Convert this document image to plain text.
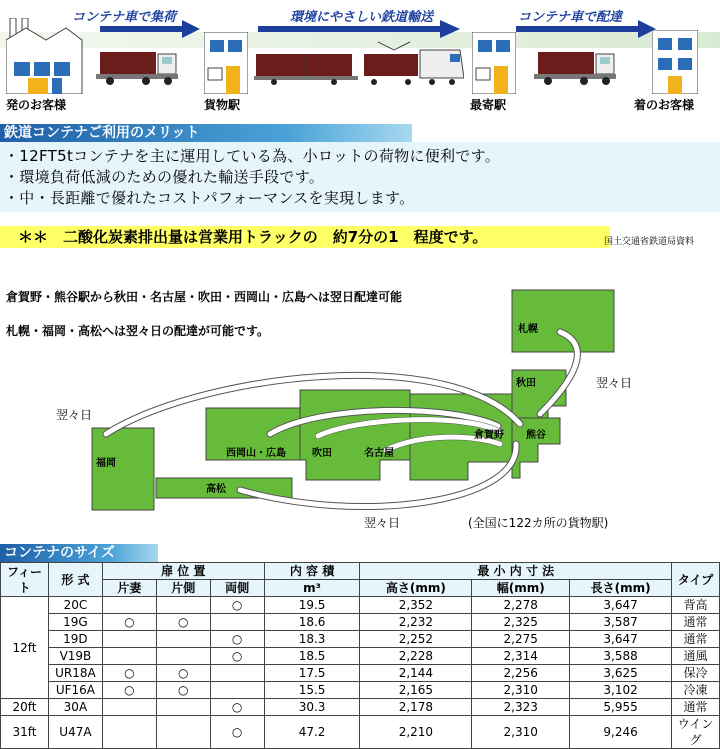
コンテナ車で集荷	環境にやさしい鉄道輸送	コンテナ車で配達
発のお客様	貨物駅	最寄駅	着のお客様
鉄道コンテナご利用のメリット
・12FT5tコンテナを主に運用している為、小ロットの荷物に便利です。
・環境負荷低減のための優れた輸送手段です。
・中・長距離で優れたコストパフォーマンスを実現します。
＊＊　二酸化炭素排出量は営業用トラックの　約7分の1　程度です。	国土交通省鉄道局資料
倉賀野・熊谷駅から秋田・名古屋・吹田・西岡山・広島へは翌日配達可能
札幌・福岡・高松へは翌々日の配達が可能です。	札幌
秋田
倉賀野 熊谷
名古屋
吹田
西岡山・広島
福岡
高松
翌々日
翌々日
翌々日	(全国に122カ所の貨物駅)
コンテナのサイズ
フィート	形 式	扉 位 置			内 容 積	最 小 内 寸 法			タイプ
		片妻	片側	両側	m³	高さ(mm)	幅(mm)	長さ(mm)	
12ft	20C			○	19.5	2,352	2,278	3,647	背高
	19G	○	○		18.6	2,232	2,325	3,587	通常
	19D			○	18.3	2,252	2,275	3,647	通常
	V19B			○	18.5	2,228	2,314	3,588	通風
	UR18A	○	○		17.5	2,144	2,256	3,625	保冷
	UF16A	○	○		15.5	2,165	2,310	3,102	冷凍
20ft	30A			○	30.3	2,178	2,323	5,955	通常
31ft	U47A			○	47.2	2,210	2,310	9,246	ウイング
